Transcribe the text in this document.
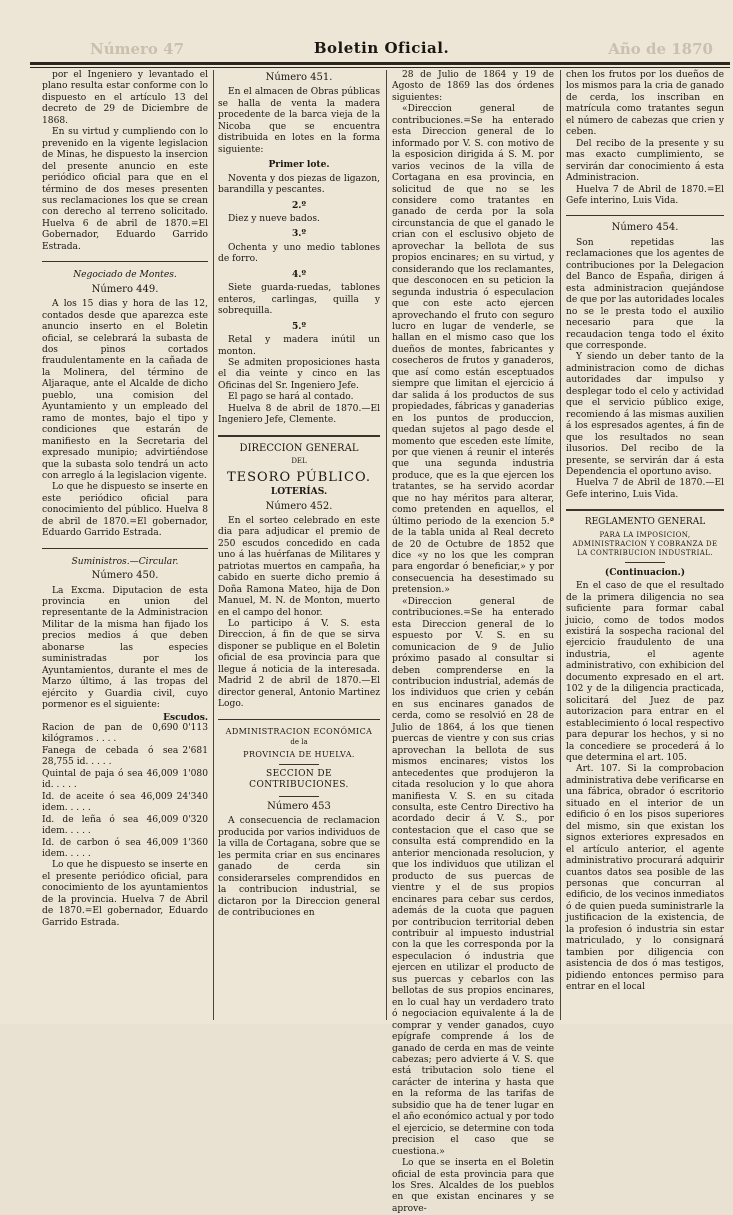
Número 47	Boletin Oficial.	Año de 1870

por el Ingeniero y levantado el plano resulta estar conforme con lo dispuesto en el artículo 13 del decreto de 29 de Diciembre de 1868.

En su virtud y cumpliendo con lo prevenido en la vigente legislacion de Minas, he dispuesto la insercion del presente anuncio en este periódico oficial para que en el término de dos meses presenten sus reclamaciones los que se crean con derecho al terreno solicitado. Huelva 6 de abril de 1870.=El Gobernador, Eduardo Garrido Estrada.

Negociado de Montes.

Número 449.

A los 15 dias y hora de las 12, contados desde que aparezca este anuncio inserto en el Boletin oficial, se celebrará la subasta de dos pinos cortados fraudulentamente en la cañada de la Molinera, del término de Aljaraque, ante el Alcalde de dicho pueblo, una comision del Ayuntamiento y un empleado del ramo de montes, bajo el tipo y condiciones que estarán de manifiesto en la Secretaria del expresado munipio; advirtiéndose que la subasta solo tendrá un acto con arreglo á la legislacion vigente.

Lo que he dispuesto se inserte en este periódico oficial para conocimiento del público. Huelva 8 de abril de 1870.=El gobernador, Eduardo Garrido Estrada.

Suministros.—Circular.

Número 450.

La Excma. Diputacion de esta provincia en union del representante de la Administracion Militar de la misma han fijado los precios medios á que deben abonarse las especies suministradas por los Ayuntamientos, durante el mes de Marzo último, á las tropas del ejército y Guardia civil, cuyo pormenor es el siguiente:

Escudos.

Racion de pan de 0,690 kilógramos . . . .
0'113
Fanega de cebada ó sea 28,755 id. . . . .
2'681
Quintal de paja ó sea 46,009 id. . . . .
1'080
Id. de aceite ó sea 46,009 idem. . . . .
24'340
Id. de leña ó sea 46,009 idem. . . . .
0'320
Id. de carbon ó sea 46,009 idem. . . . .
1'360

Lo que he dispuesto se inserte en el presente periódico oficial, para conocimiento de los ayuntamientos de la provincia. Huelva 7 de Abril de 1870.=El gobernador, Eduardo Garrido Estrada.

Número 451.

En el almacen de Obras públicas se halla de venta la madera procedente de la barca vieja de la Nicoba que se encuentra distribuida en lotes en la forma siguiente:

Primer lote.

Noventa y dos piezas de ligazon, barandilla y pescantes.

2.º

Diez y nueve bados.

3.º

Ochenta y uno medio tablones de forro.

4.º

Siete guarda-ruedas, tablones enteros, carlingas, quilla y sobrequilla.

5.º

Retal y madera inútil un monton.

Se admiten proposiciones hasta el dia veinte y cinco en las Oficinas del Sr. Ingeniero Jefe.

El pago se hará al contado.

Huelva 8 de abril de 1870.—El Ingeniero Jefe, Clemente.

DIRECCION GENERAL

DEL

TESORO PÚBLICO.

LOTERÍAS.

Número 452.

En el sorteo celebrado en este dia para adjudicar el premio de 250 escudos concedido en cada uno á las huérfanas de Militares y patriotas muertos en campaña, ha cabido en suerte dicho premio á Doña Ramona Mateo, hija de Don Manuel, M. N. de Monton, muerto en el campo del honor.

Lo participo á V. S. esta Direccion, á fin de que se sirva disponer se publique en el Boletin oficial de esa provincia para que llegue á noticia de la interesada. Madrid 2 de abril de 1870.—El director general, Antonio Martinez Logo.

ADMINISTRACION ECONÓMICA

de la

PROVINCIA DE HUELVA.

SECCION DE CONTRIBUCIONES.

Número 453

A consecuencia de reclamacion producida por varios individuos de la villa de Cortagana, sobre que se les permita criar en sus encinares ganado de cerda sin considerarseles comprendidos en la contribucion industrial, se dictaron por la Direccion general de contribuciones en

28 de Julio de 1864 y 19 de Agosto de 1869 las dos órdenes siguientes:

«Direccion general de contribuciones.=Se ha enterado esta Direccion general de lo informado por V. S. con motivo de la esposicion dirigida á S. M. por varios vecinos de la villa de Cortagana en esa provincia, en solicitud de que no se les considere como tratantes en ganado de cerda por la sola circunstancia de que el ganado le crian con el esclusivo objeto de aprovechar la bellota de sus propios encinares; en su virtud, y considerando que los reclamantes, que desconocen en su peticion la segunda industria ó especulacion que con este acto ejercen aprovechando el fruto con seguro lucro en lugar de venderle, se hallan en el mismo caso que los dueños de montes, fabricantes y cosecheros de frutos y ganaderos, que así como están esceptuados siempre que limitan el ejercicio á dar salida á los productos de sus propiedades, fábricas y ganaderias en los puntos de produccion, quedan sujetos al pago desde el momento que esceden este límite, por que vienen á reunir el interés que una segunda industria produce, que es la que ejercen los tratantes, se ha servido acordar que no hay méritos para alterar, como pretenden en aquellos, el último periodo de la exencion 5.ª de la tabla unida al Real decreto de 20 de Octubre de 1852 que dice «y no los que les compran para engordar ó beneficiar,» y por consecuencia ha desestimado su pretension.»

«Direccion general de contribuciones.=Se ha enterado esta Direccion general de lo espuesto por V. S. en su comunicacion de 9 de Julio próximo pasado al consultar si deben comprenderse en la contribucion industrial, además de los individuos que crien y cebán en sus encinares ganados de cerda, como se resolvió en 28 de Julio de 1864, á los que tienen puercas de vientre y con sus crias aprovechan la bellota de sus mismos encinares; vistos los antecedentes que produjeron la citada resolucion y lo que ahora manifiesta V. S. en su citada consulta, este Centro Directivo ha acordado decir á V. S., por contestacion que el caso que se consulta está comprendido en la anterior mencionada resolucion, y que los individuos que utilizan el producto de sus puercas de vientre y el de sus propios encinares para cebar sus cerdos, además de la cuota que paguen por contribucion territorial deben contribuir al impuesto industrial con la que les corresponda por la especulacion ó industria que ejercen en utilizar el producto de sus puercas y cebarlos con las bellotas de sus propios encinares, en lo cual hay un verdadero trato ó negociacion equivalente á la de comprar y vender ganados, cuyo epígrafe comprende á los de ganado de cerda en mas de veinte cabezas; pero advierte á V. S. que está tributacion solo tiene el carácter de interina y hasta que en la reforma de las tarifas de subsidio que ha de tener lugar en el año económico actual y por todo el ejercicio, se determine con toda precision el caso que se cuestiona.»

Lo que se inserta en el Boletin oficial de esta provincia para que los Sres. Alcaldes de los pueblos en que existan encinares y se aprove-

chen los frutos por los dueños de los mismos para la cria de ganado de cerda, los inscriban en matrícula como tratantes segun el número de cabezas que crien y ceben.

Del recibo de la presente y su mas exacto cumplimiento, se servirán dar conocimiento á esta Administracion.

Huelva 7 de Abril de 1870.=El Gefe interino, Luis Vida.

Número 454.

Son repetidas las reclamaciones que los agentes de contribuciones por la Delegacion del Banco de España, dirigen á esta administracion quejándose de que por las autoridades locales no se le presta todo el auxilio necesario para que la recaudacion tenga todo el éxito que corresponde.

Y siendo un deber tanto de la administracion como de dichas autoridades dar impulso y desplegar todo el celo y actividad que el servicio público exige, recomiendo á las mismas auxilien á los espresados agentes, á fin de que los resultados no sean ilusorios. Del recibo de la presente, se servirán dar á esta Dependencia el oportuno aviso.

Huelva 7 de Abril de 1870.—El Gefe interino, Luis Vida.

REGLAMENTO GENERAL

PARA LA IMPOSICION, ADMINISTRACION Y COBRANZA DE LA CONTRIBUCION INDUSTRIAL.

(Continuacion.)

En el caso de que el resultado de la primera diligencia no sea suficiente para formar cabal juicio, como de todos modos existirá la sospecha racional del ejercicio fraudulento de una industria, el agente administrativo, con exhibicion del documento expresado en el art. 102 y de la diligencia practicada, solicitará del Juez de paz autorizacion para entrar en el establecimiento ó local respectivo para depurar los hechos, y si no la concediere se procederá á lo que determina el art. 105.

Art. 107. Si la comprobacion administrativa debe verificarse en una fábrica, obrador ó escritorio situado en el interior de un edificio ó en los pisos superiores del mismo, sin que existan los signos exteriores expresados en el artículo anterior, el agente administrativo procurará adquirir cuantos datos sea posible de las personas que concurran al edificio, de los vecinos inmediatos ó de quien pueda suministrarle la justificacion de la existencia, de la profesion ó industria sin estar matriculado, y lo consignará tambien por diligencia con asistencia de dos ó mas testigos, pidiendo entonces permiso para entrar en el local
